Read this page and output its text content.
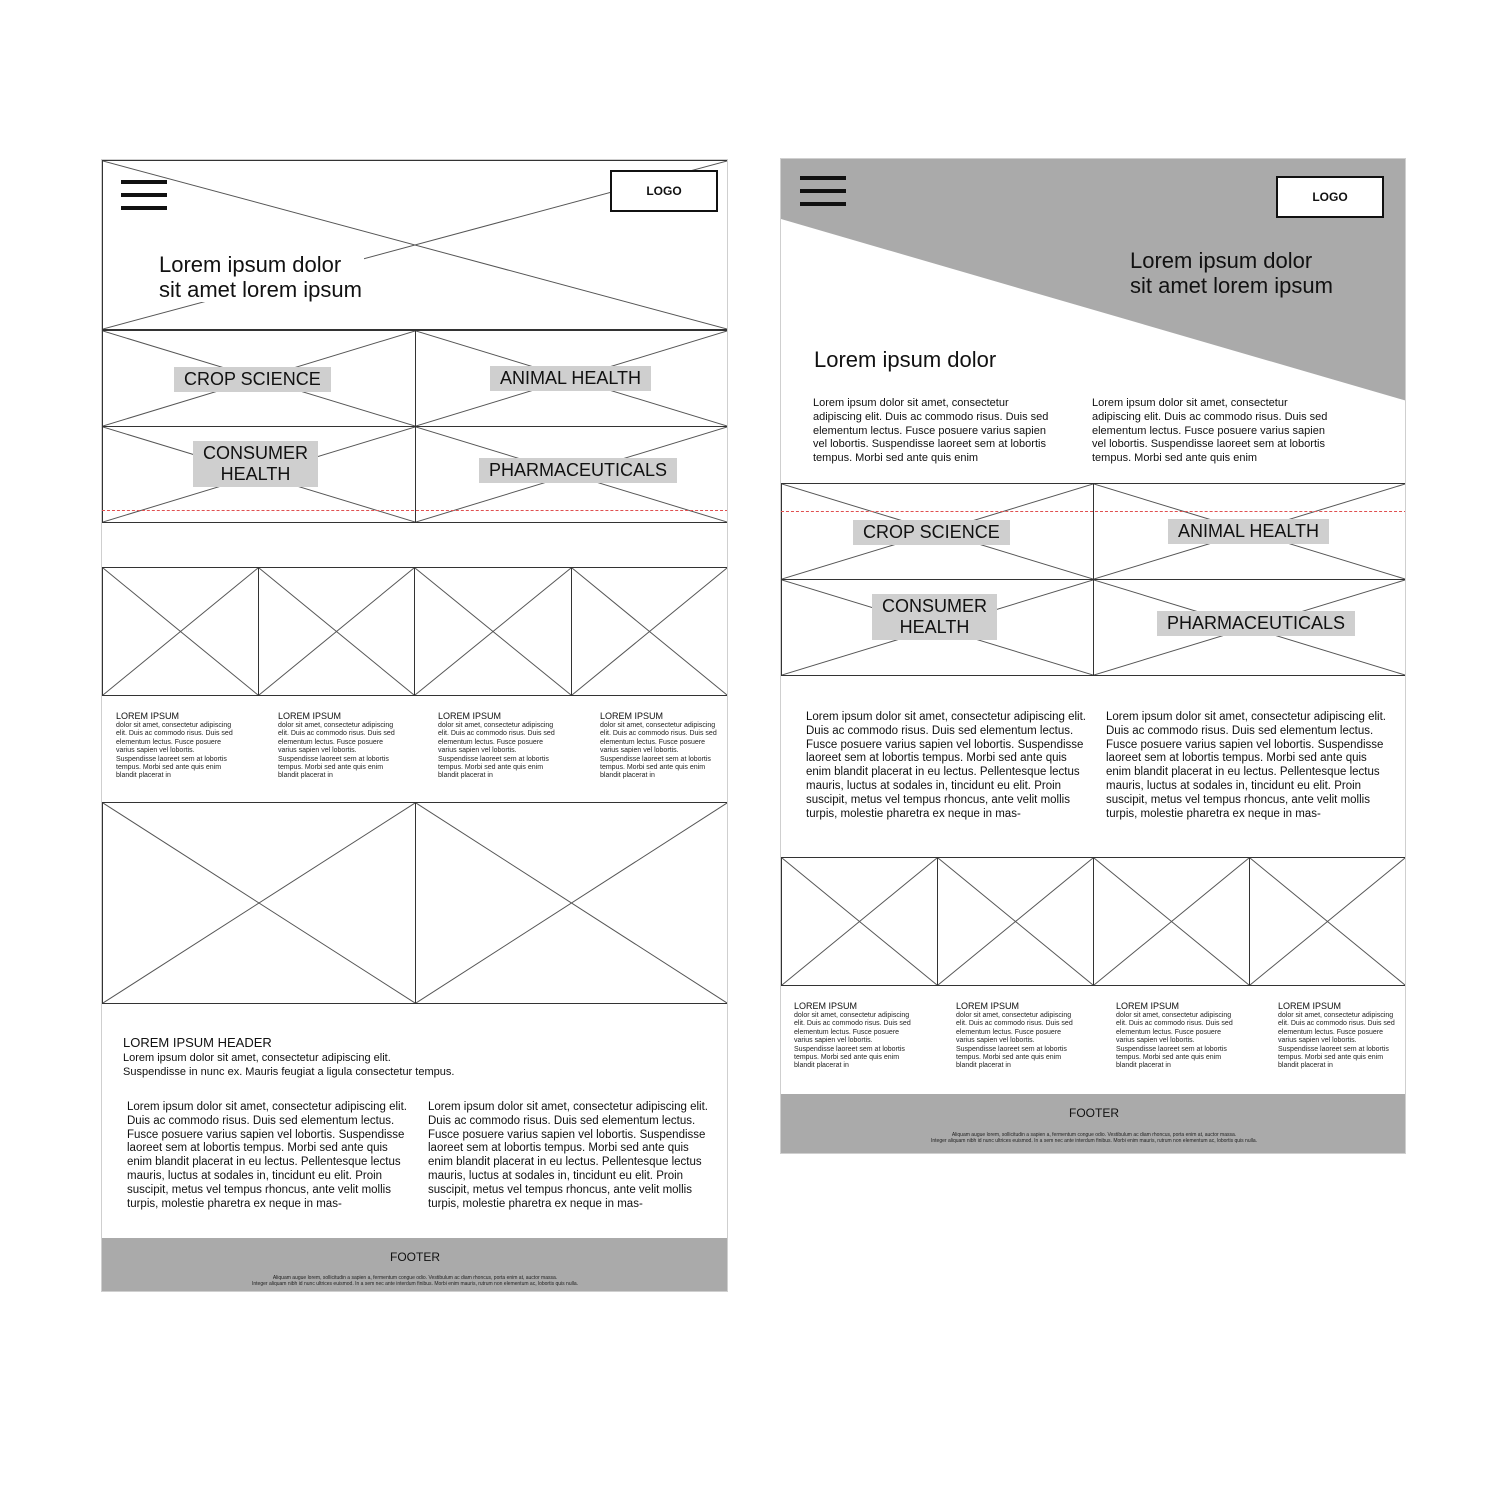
LOGO
Lorem ipsum dolor
sit amet lorem ipsum
CROP SCIENCE	ANIMAL HEALTH
CONSUMER
HEALTH	PHARMACEUTICALS
LOREM IPSUM
dolor sit amet, consectetur adipiscing elit. Duis ac commodo risus. Duis sed elementum lectus. Fusce posuere varius sapien vel lobortis. Suspendisse laoreet sem at lobortis tempus. Morbi sed ante quis enim blandit placerat in
LOREM IPSUM
dolor sit amet, consectetur adipiscing elit. Duis ac commodo risus. Duis sed elementum lectus. Fusce posuere varius sapien vel lobortis. Suspendisse laoreet sem at lobortis tempus. Morbi sed ante quis enim blandit placerat in
LOREM IPSUM
dolor sit amet, consectetur adipiscing elit. Duis ac commodo risus. Duis sed elementum lectus. Fusce posuere varius sapien vel lobortis. Suspendisse laoreet sem at lobortis tempus. Morbi sed ante quis enim blandit placerat in
LOREM IPSUM
dolor sit amet, consectetur adipiscing elit. Duis ac commodo risus. Duis sed elementum lectus. Fusce posuere varius sapien vel lobortis. Suspendisse laoreet sem at lobortis tempus. Morbi sed ante quis enim blandit placerat in
LOREM IPSUM HEADER
Lorem ipsum dolor sit amet, consectetur adipiscing elit.
Suspendisse in nunc ex. Mauris feugiat a ligula consectetur tempus.
Lorem ipsum dolor sit amet, consectetur adipiscing elit. Duis ac commodo risus. Duis sed elementum lectus. Fusce posuere varius sapien vel lobortis. Suspendisse laoreet sem at lobortis tempus. Morbi sed ante quis enim blandit placerat in eu lectus. Pellentesque lectus mauris, luctus at sodales in, tincidunt eu elit. Proin suscipit, metus vel tempus rhoncus, ante velit mollis turpis, molestie pharetra ex neque in mas-
Lorem ipsum dolor sit amet, consectetur adipiscing elit. Duis ac commodo risus. Duis sed elementum lectus. Fusce posuere varius sapien vel lobortis. Suspendisse laoreet sem at lobortis tempus. Morbi sed ante quis enim blandit placerat in eu lectus. Pellentesque lectus mauris, luctus at sodales in, tincidunt eu elit. Proin suscipit, metus vel tempus rhoncus, ante velit mollis turpis, molestie pharetra ex neque in mas-
FOOTER
Aliquam augue lorem, sollicitudin a sapien a, fermentum congue odio. Vestibulum ac diam rhoncus, porta enim at, auctor massa.
Integer aliquam nibh id nunc ultrices euismod. In a sem nec ante interdum finibus. Morbi enim mauris, rutrum non elementum ac, lobortis quis nulla.
LOGO
Lorem ipsum dolor
sit amet lorem ipsum
Lorem ipsum dolor
Lorem ipsum dolor sit amet, consectetur adipiscing elit. Duis ac commodo risus. Duis sed elementum lectus. Fusce posuere varius sapien vel lobortis. Suspendisse laoreet sem at lobortis tempus. Morbi sed ante quis enim
Lorem ipsum dolor sit amet, consectetur adipiscing elit. Duis ac commodo risus. Duis sed elementum lectus. Fusce posuere varius sapien vel lobortis. Suspendisse laoreet sem at lobortis tempus. Morbi sed ante quis enim
CROP SCIENCE	ANIMAL HEALTH
CONSUMER
HEALTH	PHARMACEUTICALS
Lorem ipsum dolor sit amet, consectetur adipiscing elit. Duis ac commodo risus. Duis sed elementum lectus. Fusce posuere varius sapien vel lobortis. Suspendisse laoreet sem at lobortis tempus. Morbi sed ante quis enim blandit placerat in eu lectus. Pellentesque lectus mauris, luctus at sodales in, tincidunt eu elit. Proin suscipit, metus vel tempus rhoncus, ante velit mollis turpis, molestie pharetra ex neque in mas-
Lorem ipsum dolor sit amet, consectetur adipiscing elit. Duis ac commodo risus. Duis sed elementum lectus. Fusce posuere varius sapien vel lobortis. Suspendisse laoreet sem at lobortis tempus. Morbi sed ante quis enim blandit placerat in eu lectus. Pellentesque lectus mauris, luctus at sodales in, tincidunt eu elit. Proin suscipit, metus vel tempus rhoncus, ante velit mollis turpis, molestie pharetra ex neque in mas-
LOREM IPSUM
dolor sit amet, consectetur adipiscing elit. Duis ac commodo risus. Duis sed elementum lectus. Fusce posuere varius sapien vel lobortis. Suspendisse laoreet sem at lobortis tempus. Morbi sed ante quis enim blandit placerat in
LOREM IPSUM
dolor sit amet, consectetur adipiscing elit. Duis ac commodo risus. Duis sed elementum lectus. Fusce posuere varius sapien vel lobortis. Suspendisse laoreet sem at lobortis tempus. Morbi sed ante quis enim blandit placerat in
LOREM IPSUM
dolor sit amet, consectetur adipiscing elit. Duis ac commodo risus. Duis sed elementum lectus. Fusce posuere varius sapien vel lobortis. Suspendisse laoreet sem at lobortis tempus. Morbi sed ante quis enim blandit placerat in
LOREM IPSUM
dolor sit amet, consectetur adipiscing elit. Duis ac commodo risus. Duis sed elementum lectus. Fusce posuere varius sapien vel lobortis. Suspendisse laoreet sem at lobortis tempus. Morbi sed ante quis enim blandit placerat in
FOOTER
Aliquam augue lorem, sollicitudin a sapien a, fermentum congue odio. Vestibulum ac diam rhoncus, porta enim at, auctor massa.
Integer aliquam nibh id nunc ultrices euismod. In a sem nec ante interdum finibus. Morbi enim mauris, rutrum non elementum ac, lobortis quis nulla.
